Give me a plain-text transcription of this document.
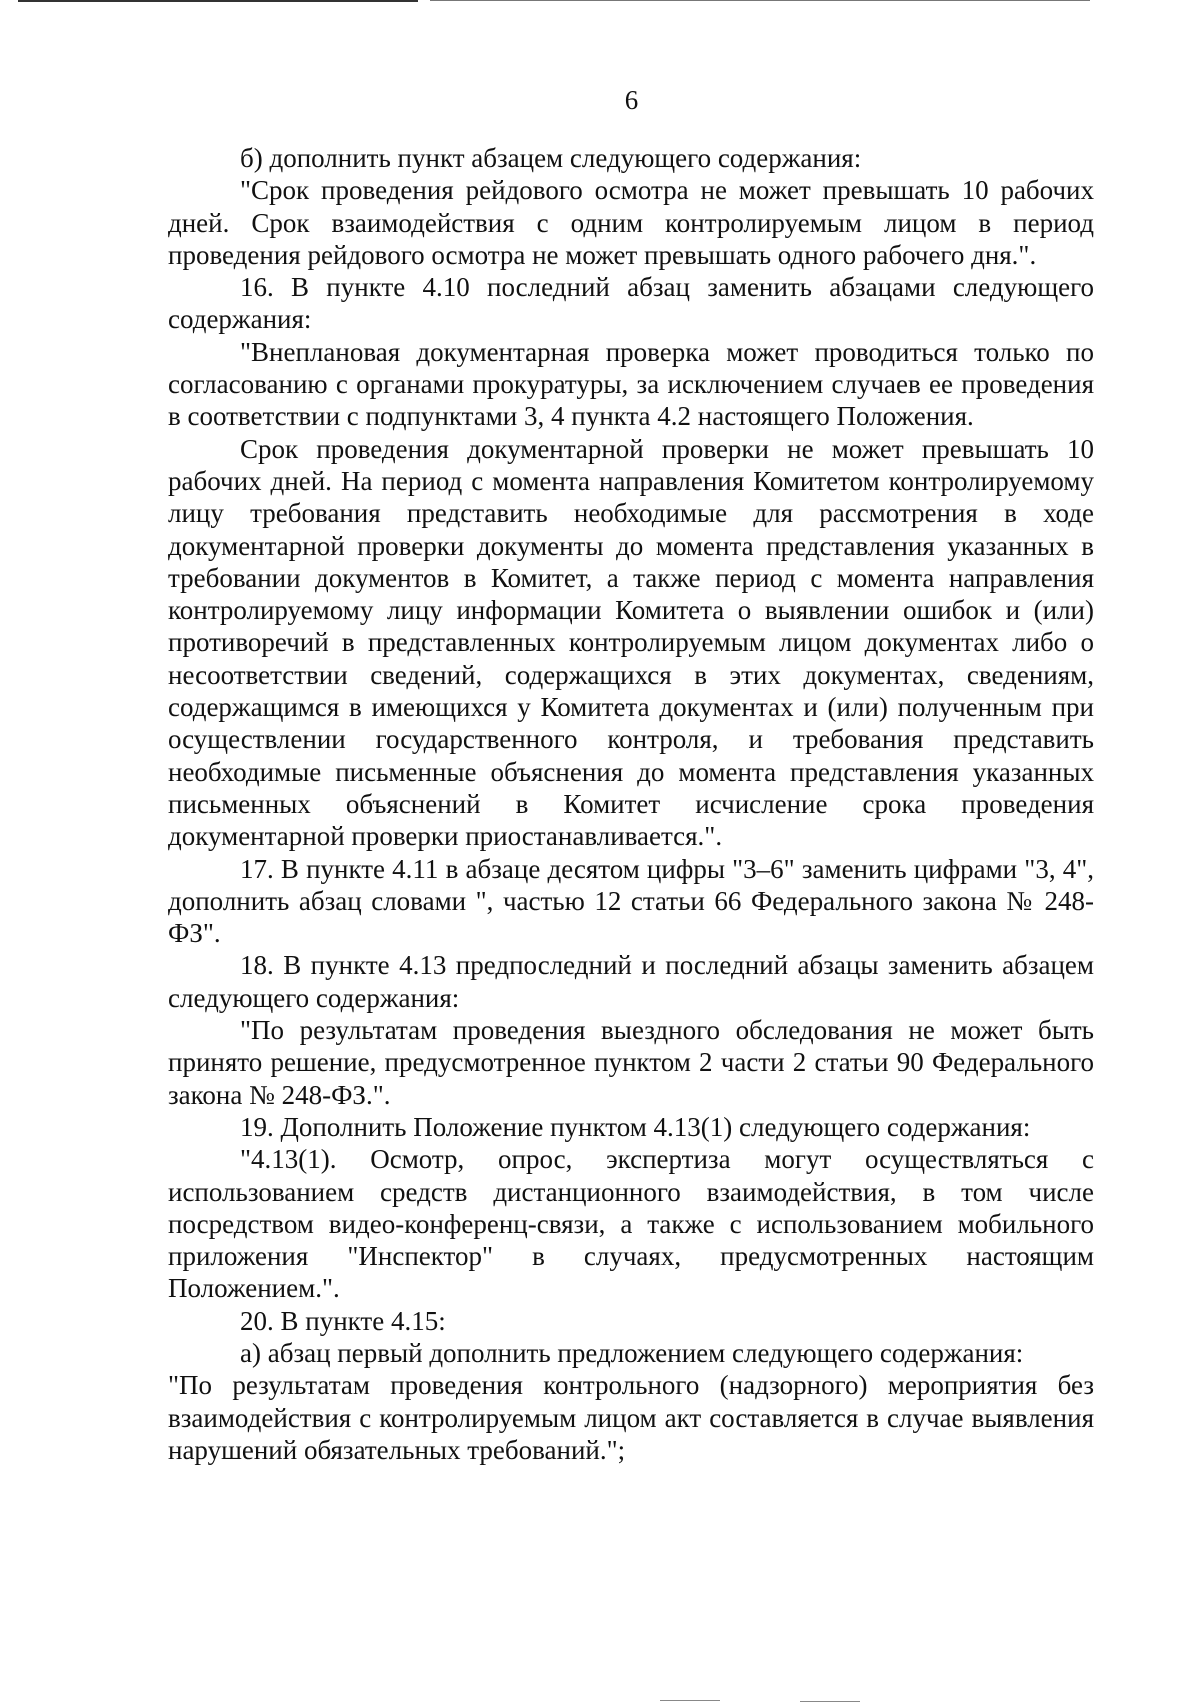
6

б) дополнить пункт абзацем следующего содержания:

"Срок проведения рейдового осмотра не может превышать 10 рабочих дней. Срок взаимодействия с одним контролируемым лицом в период проведения рейдового осмотра не может превышать одного рабочего дня.".

16. В пункте 4.10 последний абзац заменить абзацами следующего содержания:

"Внеплановая документарная проверка может проводиться только по согласованию с органами прокуратуры, за исключением случаев ее проведения в соответствии с подпунктами 3, 4 пункта 4.2 настоящего Положения.

Срок проведения документарной проверки не может превышать 10 рабочих дней. На период с момента направления Комитетом контролируемому лицу требования представить необходимые для рассмотрения в ходе документарной проверки документы до момента представления указанных в требовании документов в Комитет, а также период с момента направления контролируемому лицу информации Комитета о выявлении ошибок и (или) противоречий в представленных контролируемым лицом документах либо о несоответствии сведений, содержащихся в этих документах, сведениям, содержащимся в имеющихся у Комитета документах и (или) полученным при осуществлении государственного контроля, и требования представить необходимые письменные объяснения до момента представления указанных письменных объяснений в Комитет исчисление срока проведения документарной проверки приостанавливается.".

17. В пункте 4.11 в абзаце десятом цифры "3–6" заменить цифрами "3, 4", дополнить абзац словами ", частью 12 статьи 66 Федерального закона № 248-ФЗ".

18. В пункте 4.13 предпоследний и последний абзацы заменить абзацем следующего содержания:

"По результатам проведения выездного обследования не может быть принято решение, предусмотренное пунктом 2 части 2 статьи 90 Федерального закона № 248-ФЗ.".

19. Дополнить Положение пунктом 4.13(1) следующего содержания:

"4.13(1). Осмотр, опрос, экспертиза могут осуществляться с использованием средств дистанционного взаимодействия, в том числе посредством видео-конференц-связи, а также с использованием мобильного приложения "Инспектор" в случаях, предусмотренных настоящим Положением.".

20. В пункте 4.15:

а) абзац первый дополнить предложением следующего содержания:

"По результатам проведения контрольного (надзорного) мероприятия без взаимодействия с контролируемым лицом акт составляется в случае выявления нарушений обязательных требований.";
